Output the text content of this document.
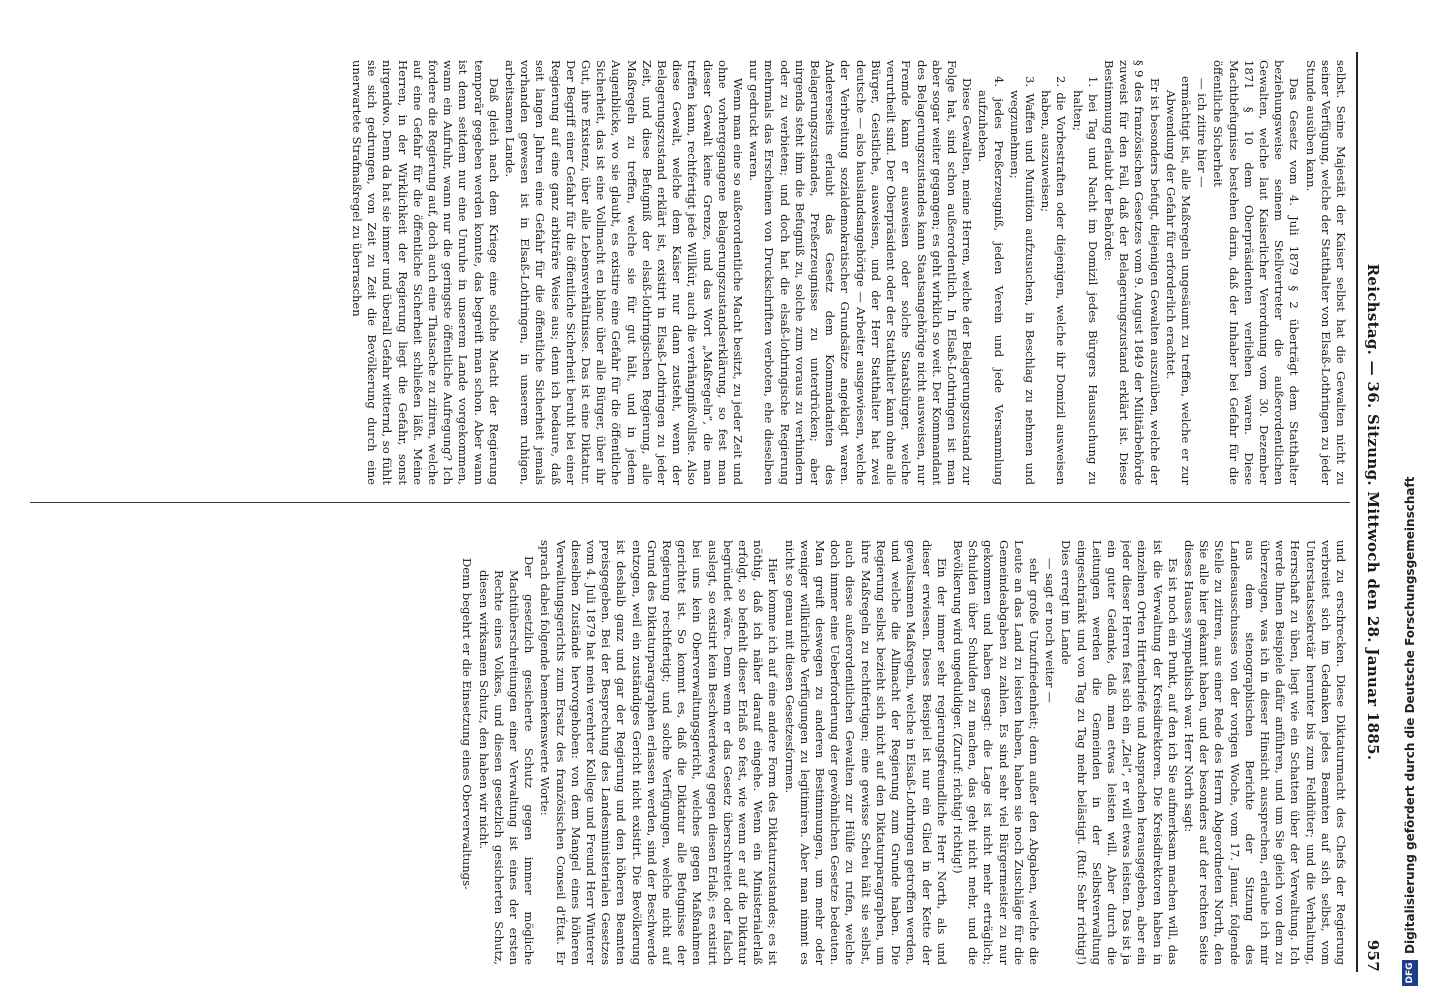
Reichstag. — 36. Sitzung. Mittwoch den 28. Januar 1885.
957

selbst. Seine Majestät der Kaiser selbst hat die Gewalten nicht zu seiner Verfügung, welche der Statthalter von Elsaß-Lothringen zu jeder Stunde ausüben kann.

Das Gesetz vom 4. Juli 1879 § 2 überträgt dem Statthalter beziehungsweise seinem Stellvertreter die außerordentlichen Gewalten, welche laut Kaiserlicher Verordnung vom 30. Dezember 1871 § 10 dem Oberpräsidenten verliehen waren. Diese Machtbefugnisse bestehen darin, daß der Inhaber bei Gefahr für die öffentliche Sicherheit

— ich zitire hier —

ermächtigt ist, alle Maßregeln ungesäumt zu treffen, welche er zur Abwendung der Gefahr für erforderlich erachtet.

Er ist besonders befugt, diejenigen Gewalten auszuüben, welche der § 9 des französischen Gesetzes vom 9. August 1849 der Militärbehörde zuweist für den Fall, daß der Belagerungszustand erklärt ist. Diese Bestimmung erlaubt der Behörde:

1. bei Tag und Nacht im Domizil jedes Bürgers Haussuchung zu halten;

2. die Vorbestraften oder diejenigen, welche ihr Domizil ausweisen haben, auszuweisen;

3. Waffen und Munition aufzusuchen, in Beschlag zu nehmen und wegzunehmen;

4. jedes Preßerzeugniß, jeden Verein und jede Versammlung aufzuheben.

Diese Gewalten, meine Herren, welche der Belagerungszustand zur Folge hat, sind schon außerordentlich. In Elsaß-Lothringen ist man aber sogar weiter gegangen; es geht wirklich so weit. Der Kommandant des Belagerungszustandes kann Staatsangehörige nicht ausweisen, nur Fremde kann er ausweisen oder solche Staatsbürger, welche verurtheilt sind. Der Oberpräsident oder der Statthalter kann ohne alle Bürger, Geistliche, ausweisen, und der Herr Statthalter hat zwei deutsche — also hauslandsangehörige — Arbeiter ausgewiesen, welche der Verbreitung sozialdemokratischer Grundsätze angeklagt waren. Andererseits erlaubt das Gesetz dem Kommandanten des Belagerungszustandes, Preßerzeugnisse zu unterdrücken; aber nirgends steht ihm die Befugniß zu, solche zum voraus zu verhindern oder zu verbieten; und doch hat die elsaß-lothringische Regierung mehrmals das Erscheinen von Druckschriften verboten, ehe dieselben nur gedruckt waren.

Wenn man eine so außerordentliche Macht besitzt, zu jeder Zeit und ohne vorhergegangene Belagerungszustandserklärung, so fest man dieser Gewalt keine Grenze, und das Wort „Maßregeln“, die man treffen kann, rechtfertigt jede Willkür, auch die verhängnißvollste. Also diese Gewalt, welche dem Kaiser nur dann zusteht, wenn der Belagerungszustand erklärt ist, existirt in Elsaß-Lothringen zu jeder Zeit, und diese Befugniß der elsaß-lothringischen Regierung, alle Maßregeln zu treffen, welche sie für gut hält, und in jedem Augenblicke, wo sie glaubt, es existire eine Gefahr für die öffentliche Sicherheit, das ist eine Vollmacht en blanc über alle Bürger, über ihr Gut, ihre Existenz, über alle Lebensverhältnisse. Das ist eine Diktatur. Der Begriff einer Gefahr für die öffentliche Sicherheit beruht bei einer Regierung auf eine ganz arbiträre Weise aus; denn ich bedaure, daß seit langen Jahren eine Gefahr für die öffentliche Sicherheit jemals vorhanden gewesen ist in Elsaß-Lothringen, in unserem ruhigen, arbeitsamen Lande.

Daß gleich nach dem Kriege eine solche Macht der Regierung temporär gegeben werden konnte, das begreift man schon. Aber wann ist denn seitdem nur eine Unruhe in unserem Lande vorgekommen, wann ein Aufruhr, wann nur die geringste öffentliche Aufregung? Ich fordere die Regierung auf, doch auch eine Thatsache zu zitiren, welche auf eine Gefahr für die öffentliche Sicherheit schließen läßt. Meine Herren, in der Wirklichkeit der Regierung liegt die Gefahr, sonst nirgendwo. Denn da hat sie immer und überall Gefahr witternd, so fühlt sie sich gedrungen, von Zeit zu Zeit die Bevölkerung durch eine unerwartete Strafmaßregel zu überraschen

und zu erschrecken. Diese Diktaturmacht des Chefs der Regierung verbreitet sich im Gedanken jedes Beamten auf sich selbst, vom Unterstaatssekretär herunter bis zum Feldhüter; und die Verhaltung, Herrschaft zu üben, liegt wie ein Schatten über der Verwaltung. Ich werde Ihnen Beispiele dafür anführen, und um Sie gleich von dem zu überzeugen, was ich in dieser Hinsicht aussprechen, erlaube ich mir aus dem stenographischen Berichte der Sitzung des Landesausschusses von der vorigen Woche, vom 17. Januar, folgende Stelle zu zitiren, aus einer Rede des Herrn Abgeordneten North, den Sie alle hier gekannt haben, und der besonders auf der rechten Seite dieses Hauses sympathisch war. Herr North sagt:

Es ist noch ein Punkt, auf den ich Sie aufmerksam machen will, das ist die Verwaltung der Kreisdirektoren. Die Kreisdirektoren haben in einzelnen Orten Hirtenbriefe und Ansprachen herausgegeben, aber ein jeder dieser Herren fest sich ein „Ziel“, er will etwas leisten. Das ist ja ein guter Gedanke, daß man etwas leisten will. Aber durch die Leitungen werden die Gemeinden in der Selbstverwaltung eingeschränkt und von Tag zu Tag mehr belästigt. (Ruf: Sehr richtig!) Dies erregt im Lande

— sagt er noch weiter —

sehr große Unzufriedenheit; denn außer den Abgaben, welche die Leute an das Land zu leisten haben, haben sie noch Zuschläge für die Gemeindeabgaben zu zahlen. Es sind sehr viel Bürgermeister zu nur gekommen und haben gesagt: die Lage ist nicht mehr erträglich; Schulden über Schulden zu machen, das geht nicht mehr, und die Bevölkerung wird ungeduldiger. (Zuruf: richtig! richtig!)

Ein der immer sehr regierungsfreundliche Herr North, als und dieser erwiesen. Dieses Beispiel ist nur ein Glied in der Kette der gewaltsamen Maßregeln, welche in Elsaß-Lothringen getroffen werden, und welche die Allmacht der Regierung zum Grunde haben. Die Regierung selbst bezieht sich nicht auf den Diktaturparagraphen, um ihre Maßregeln zu rechtfertigen; eine gewisse Scheu hält sie selbst, auch diese außerordentlichen Gewalten zur Hülfe zu rufen, welche doch immer eine Ueberforderung der gewöhnlichen Gesetze bedeuten. Man greift deswegen zu anderen Bestimmungen, um mehr oder weniger willkürliche Verfügungen zu legitimiren. Aber man nimmt es nicht so genau mit diesen Gesetzesformen.

Hier komme ich auf eine andere Form des Diktaturzustandes; es ist nöthig, daß ich näher darauf eingehe. Wenn ein Ministerialerlaß erfolgt, so befiehlt dieser Erlaß so fest, wie wenn er auf die Diktatur begründet wäre. Denn wenn er das Gesetz überschreitet oder falsch auslegt, so existirt kein Beschwerdeweg gegen diesen Erlaß; es existirt bei uns kein Oberverwaltungsgericht, welches gegen Maßnahmen gerichtet ist. So kommt es, daß die Diktatur alle Befugnisse der Regierung rechtfertigt; und solche Verfügungen, welche nicht auf Grund des Diktaturparagraphen erlassen werden, sind der Beschwerde entzogen, weil ein zuständiges Gericht nicht existirt. Die Bevölkerung ist deshalb ganz und gar der Regierung und den höheren Beamten preisgegeben. Bei der Besprechung des Landesministerialen Gesetzes vom 4. Juli 1879 hat mein verehrter Kollege und Freund Herr Winterer dieselben Zustände hervorgehoben: von dem Mangel eines höheren Verwaltungsgerichts zum Ersatz des französischen Conseil d'État. Er sprach dabei folgende bemerkenswerte Worte:

Der gesetzlich gesicherte Schutz gegen immer mögliche Machtüberschreitungen einer Verwaltung ist eines der ersten Rechte eines Volkes, und diesen gesetzlich gesicherten Schutz, diesen wirksamen Schutz, den haben wir nicht.

Denn begehrt er die Einsetzung eines Oberverwaltungs-

DFG
Digitalisierung gefördert durch die Deutsche Forschungsgemeinschaft
